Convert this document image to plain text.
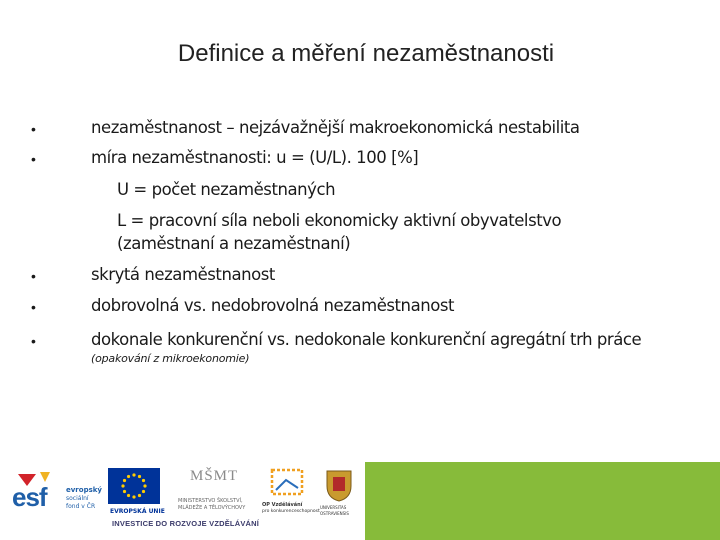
Definice a měření nezaměstnanosti
•	nezaměstnanost – nejzávažnější makroekonomická nestabilita
•	míra nezaměstnanosti: u = (U/L). 100 [%]
U = počet nezaměstnaných
L = pracovní síla neboli ekonomicky aktivní obyvatelstvo
(zaměstnaní a nezaměstnaní)
•	skrytá nezaměstnanost
•	dobrovolná vs. nedobrovolná nezaměstnanost
•	dokonale konkurenční vs. nedokonale konkurenční agregátní trh práce
(opakování z mikroekonomie)
esf	evropský
sociální
fond v ČR
EVROPSKÁ UNIE
MŠMT
MINISTERSTVO ŠKOLSTVÍ,
MLÁDEŽE A TĚLOVÝCHOVY	OP Vzdělávání
pro konkurenceschopnost
UNIVERSITAS
OSTRAVIENSIS
INVESTICE DO ROZVOJE VZDĚLÁVÁNÍ
